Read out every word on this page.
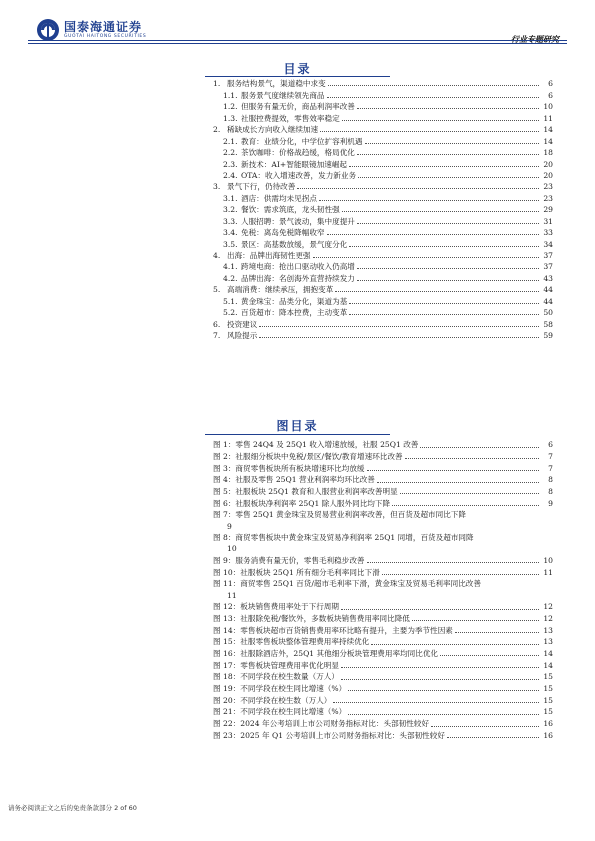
国泰海通证券
GUOTAI HAITONG SECURITIES	行业专题研究
目录
1. 服务结构景气，渠道稳中求变	6
1.1. 服务景气度继续领先商品	6
1.2. 但服务有量无价，商品利润率改善	10
1.3. 社服控费提效，零售效率稳定	11
2. 稀缺成长方向收入继续加速	14
2.1. 教育：业绩分化，中学位扩容利机遇	14
2.2. 茶饮咖啡：价格战趋缓，格局优化	18
2.3. 新技术：AI+智能眼镜加速崛起	20
2.4. OTA：收入增速改善，发力新业务	20
3. 景气下行，仍待改善	23
3.1. 酒店：供需均未见拐点	23
3.2. 餐饮：需求筑底，龙头韧性强	29
3.3. 人服招聘：景气波动，集中度提升	31
3.4. 免税：离岛免税降幅收窄	33
3.5. 景区：高基数放缓，景气度分化	34
4. 出海：品牌出海韧性更强	37
4.1. 跨境电商：抢出口驱动收入仍高增	37
4.2. 品牌出海：名创海外直营持续发力	43
5. 高端消费：继续承压，拥抱变革	44
5.1. 黄金珠宝：品类分化，渠道为基	44
5.2. 百货超市：降本控费，主动变革	50
6. 投资建议	58
7. 风险提示	59
图目录
图 1：零售 24Q4 及 25Q1 收入增速放缓，社服 25Q1 改善	6
图 2：社服细分板块中免税/景区/餐饮/教育增速环比改善	7
图 3：商贸零售板块所有板块增速环比均放缓	7
图 4：社服及零售 25Q1 营业利润率均环比改善	8
图 5：社服板块 25Q1 教育和人服营业利润率改善明显	8
图 6：社服板块净利润率 25Q1 除人服外同比均下降	9
图 7：零售 25Q1 黄金珠宝及贸易营业利润率改善，但百货及超市同比下降
9
图 8：商贸零售板块中黄金珠宝及贸易净利润率 25Q1 同增，百货及超市同降
10
图 9：服务消费有量无价，零售毛利稳步改善	10
图 10：社服板块 25Q1 所有细分毛利率同比下滑	11
图 11：商贸零售 25Q1 百货/超市毛利率下滑，黄金珠宝及贸易毛利率同比改善
11
图 12：板块销售费用率处于下行周期	12
图 13：社服除免税/餐饮外，多数板块销售费用率同比降低	12
图 14：零售板块超市百货销售费用率环比略有提升，主要为季节性因素	13
图 15：社服零售板块整体管理费用率持续优化	13
图 16：社服除酒店外，25Q1 其他细分板块管理费用率均同比优化	14
图 17：零售板块管理费用率优化明显	14
图 18：不同学段在校生数量（万人）	15
图 19：不同学段在校生同比增速（%）	15
图 20：不同学段在校生数（万人）	15
图 21：不同学段在校生同比增速（%）	15
图 22：2024 年公考培训上市公司财务指标对比：头部韧性较好	16
图 23：2025 年 Q1 公考培训上市公司财务指标对比：头部韧性较好	16
请务必阅读正文之后的免责条款部分 2 of 60
